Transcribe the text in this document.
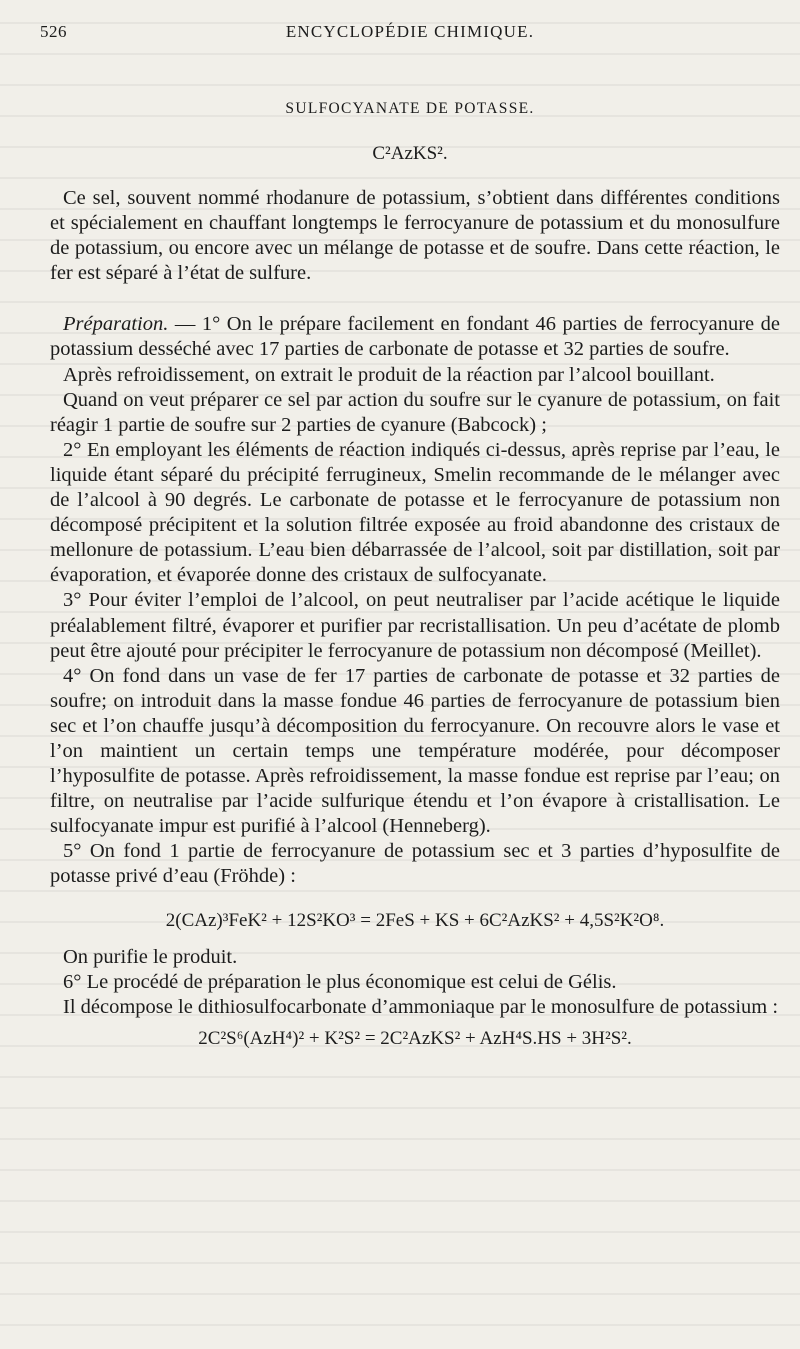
526	ENCYCLOPÉDIE CHIMIQUE.
SULFOCYANATE DE POTASSE.
C²AzKS².

Ce sel, souvent nommé rhodanure de potassium, s’obtient dans différentes conditions et spécialement en chauffant longtemps le ferrocyanure de potassium et du monosulfure de potassium, ou encore avec un mélange de potasse et de soufre. Dans cette réaction, le fer est séparé à l’état de sulfure.

Préparation. — 1° On le prépare facilement en fondant 46 parties de ferrocyanure de potassium desséché avec 17 parties de carbonate de potasse et 32 parties de soufre.

Après refroidissement, on extrait le produit de la réaction par l’alcool bouillant.

Quand on veut préparer ce sel par action du soufre sur le cyanure de potassium, on fait réagir 1 partie de soufre sur 2 parties de cyanure (Babcock) ;

2° En employant les éléments de réaction indiqués ci-dessus, après reprise par l’eau, le liquide étant séparé du précipité ferrugineux, Smelin recommande de le mélanger avec de l’alcool à 90 degrés. Le carbonate de potasse et le ferrocyanure de potassium non décomposé précipitent et la solution filtrée exposée au froid abandonne des cristaux de mellonure de potassium. L’eau bien débarrassée de l’alcool, soit par distillation, soit par évaporation, et évaporée donne des cristaux de sulfocyanate.

3° Pour éviter l’emploi de l’alcool, on peut neutraliser par l’acide acétique le liquide préalablement filtré, évaporer et purifier par recristallisation. Un peu d’acétate de plomb peut être ajouté pour précipiter le ferrocyanure de potassium non décomposé (Meillet).

4° On fond dans un vase de fer 17 parties de carbonate de potasse et 32 parties de soufre; on introduit dans la masse fondue 46 parties de ferrocyanure de potassium bien sec et l’on chauffe jusqu’à décomposition du ferrocyanure. On recouvre alors le vase et l’on maintient un certain temps une température modérée, pour décomposer l’hyposulfite de potasse. Après refroidissement, la masse fondue est reprise par l’eau; on filtre, on neutralise par l’acide sulfurique étendu et l’on évapore à cristallisation. Le sulfocyanate impur est purifié à l’alcool (Henneberg).

5° On fond 1 partie de ferrocyanure de potassium sec et 3 parties d’hyposulfite de potasse privé d’eau (Fröhde) :

2(CAz)³FeK² + 12S²KO³ = 2FeS + KS + 6C²AzKS² + 4,5S²K²O⁸.

On purifie le produit.

6° Le procédé de préparation le plus économique est celui de Gélis.

Il décompose le dithiosulfocarbonate d’ammoniaque par le monosulfure de potassium :

2C²S⁶(AzH⁴)² + K²S² = 2C²AzKS² + AzH⁴S.HS + 3H²S².
